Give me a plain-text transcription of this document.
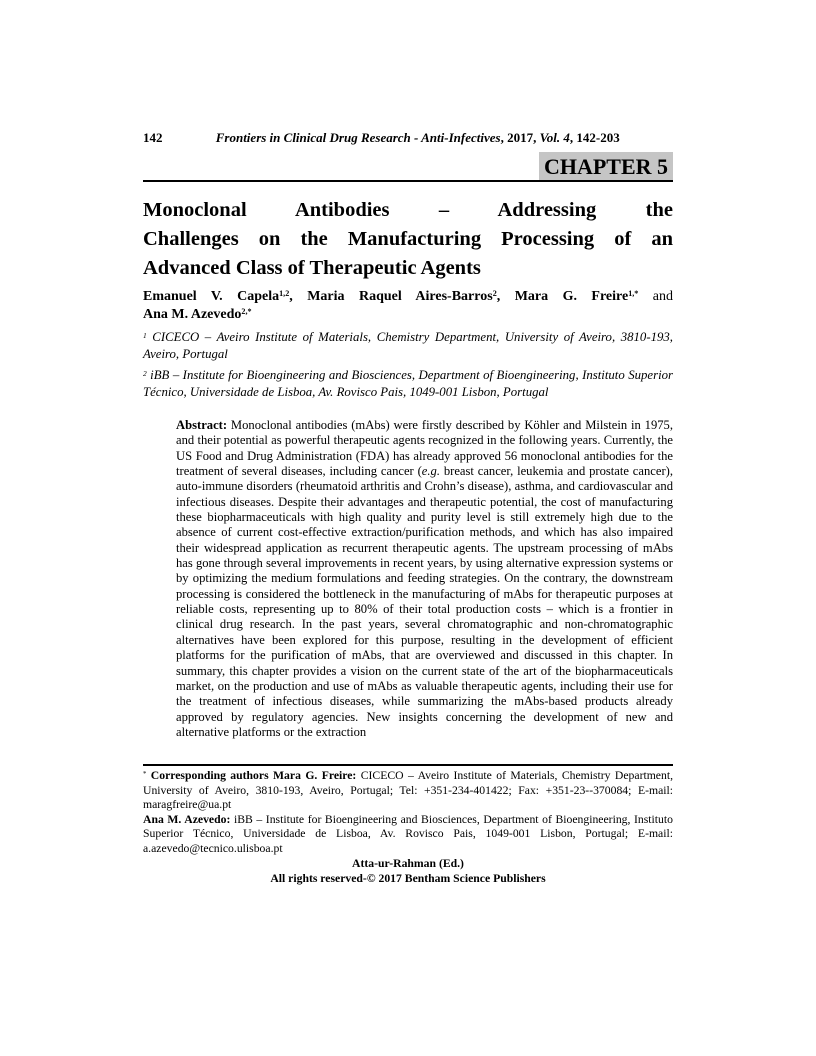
142	Frontiers in Clinical Drug Research - Anti-Infectives, 2017, Vol. 4, 142-203
CHAPTER 5
Monoclonal Antibodies – Addressing the
Challenges on the Manufacturing Processing of an
Advanced Class of Therapeutic Agents
Emanuel V. Capela$^{1,2}$, Maria Raquel Aires-Barros$^2$, Mara G. Freire$^{1,*}$ and
Ana M. Azevedo$^{2,*}$

$^1$ CICECO – Aveiro Institute of Materials, Chemistry Department, University of Aveiro, 3810-193, Aveiro, Portugal

$^2$ iBB – Institute for Bioengineering and Biosciences, Department of Bioengineering, Instituto Superior Técnico, Universidade de Lisboa, Av. Rovisco Pais, 1049-001 Lisbon, Portugal

Abstract: Monoclonal antibodies (mAbs) were firstly described by Köhler and Milstein in 1975, and their potential as powerful therapeutic agents recognized in the following years. Currently, the US Food and Drug Administration (FDA) has already approved 56 monoclonal antibodies for the treatment of several diseases, including cancer (e.g. breast cancer, leukemia and prostate cancer), auto-immune disorders (rheumatoid arthritis and Crohn’s disease), asthma, and cardiovascular and infectious diseases. Despite their advantages and therapeutic potential, the cost of manufacturing these biopharmaceuticals with high quality and purity level is still extremely high due to the absence of current cost-effective extraction/purification methods, and which has also impaired their widespread application as recurrent therapeutic agents. The upstream processing of mAbs has gone through several improvements in recent years, by using alternative expression systems or by optimizing the medium formulations and feeding strategies. On the contrary, the downstream processing is considered the bottleneck in the manufacturing of mAbs for therapeutic purposes at reliable costs, representing up to 80% of their total production costs – which is a frontier in clinical drug research. In the past years, several chromatographic and non-chromatographic alternatives have been explored for this purpose, resulting in the development of efficient platforms for the purification of mAbs, that are overviewed and discussed in this chapter. In summary, this chapter provides a vision on the current state of the art of the biopharmaceuticals market, on the production and use of mAbs as valuable therapeutic agents, including their use for the treatment of infectious diseases, while summarizing the mAbs-based products already approved by regulatory agencies. New insights concerning the development of new and alternative platforms or the extraction

* Corresponding authors Mara G. Freire: CICECO – Aveiro Institute of Materials, Chemistry Department, University of Aveiro, 3810-193, Aveiro, Portugal; Tel: +351-234-401422; Fax: +351-23--370084; E-mail: maragfreire@ua.pt

Ana M. Azevedo: iBB – Institute for Bioengineering and Biosciences, Department of Bioengineering, Instituto Superior Técnico, Universidade de Lisboa, Av. Rovisco Pais, 1049-001 Lisbon, Portugal; E-mail: a.azevedo@tecnico.ulisboa.pt

Atta-ur-Rahman (Ed.)
All rights reserved-© 2017 Bentham Science Publishers
